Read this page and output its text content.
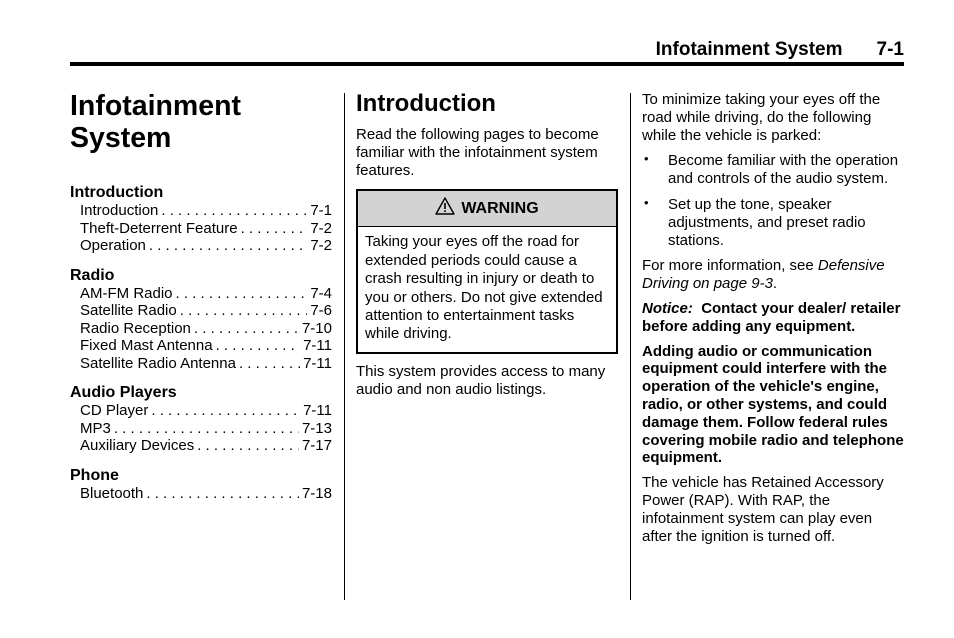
Infotainment System 7-1
Infotainment
System
Introduction
Introduction . . .	7-1
Theft-Deterrent Feature . . .	7-2
Operation . . .	7-2
Radio
AM-FM Radio . . .	7-4
Satellite Radio . . .	7-6
Radio Reception . . .	7-10
Fixed Mast Antenna . . .	7-11
Satellite Radio Antenna . . .	7-11
Audio Players
CD Player . . .	7-11
MP3 . . .	7-13
Auxiliary Devices . . .	7-17
Phone
Bluetooth . . .	7-18
Introduction

Read the following pages to become familiar with the infotainment system features.

WARNING
Taking your eyes off the road for extended periods could cause a crash resulting in injury or death to you or others. Do not give extended attention to entertainment tasks while driving.

This system provides access to many audio and non audio listings.

To minimize taking your eyes off the road while driving, do the following while the vehicle is parked:

• Become familiar with the operation and controls of the audio system.
• Set up the tone, speaker adjustments, and preset radio stations.

For more information, see Defensive Driving on page 9-3.

Notice: Contact your dealer/ retailer before adding any equipment.

Adding audio or communication equipment could interfere with the operation of the vehicle's engine, radio, or other systems, and could damage them. Follow federal rules covering mobile radio and telephone equipment.

The vehicle has Retained Accessory Power (RAP). With RAP, the infotainment system can play even after the ignition is turned off.
